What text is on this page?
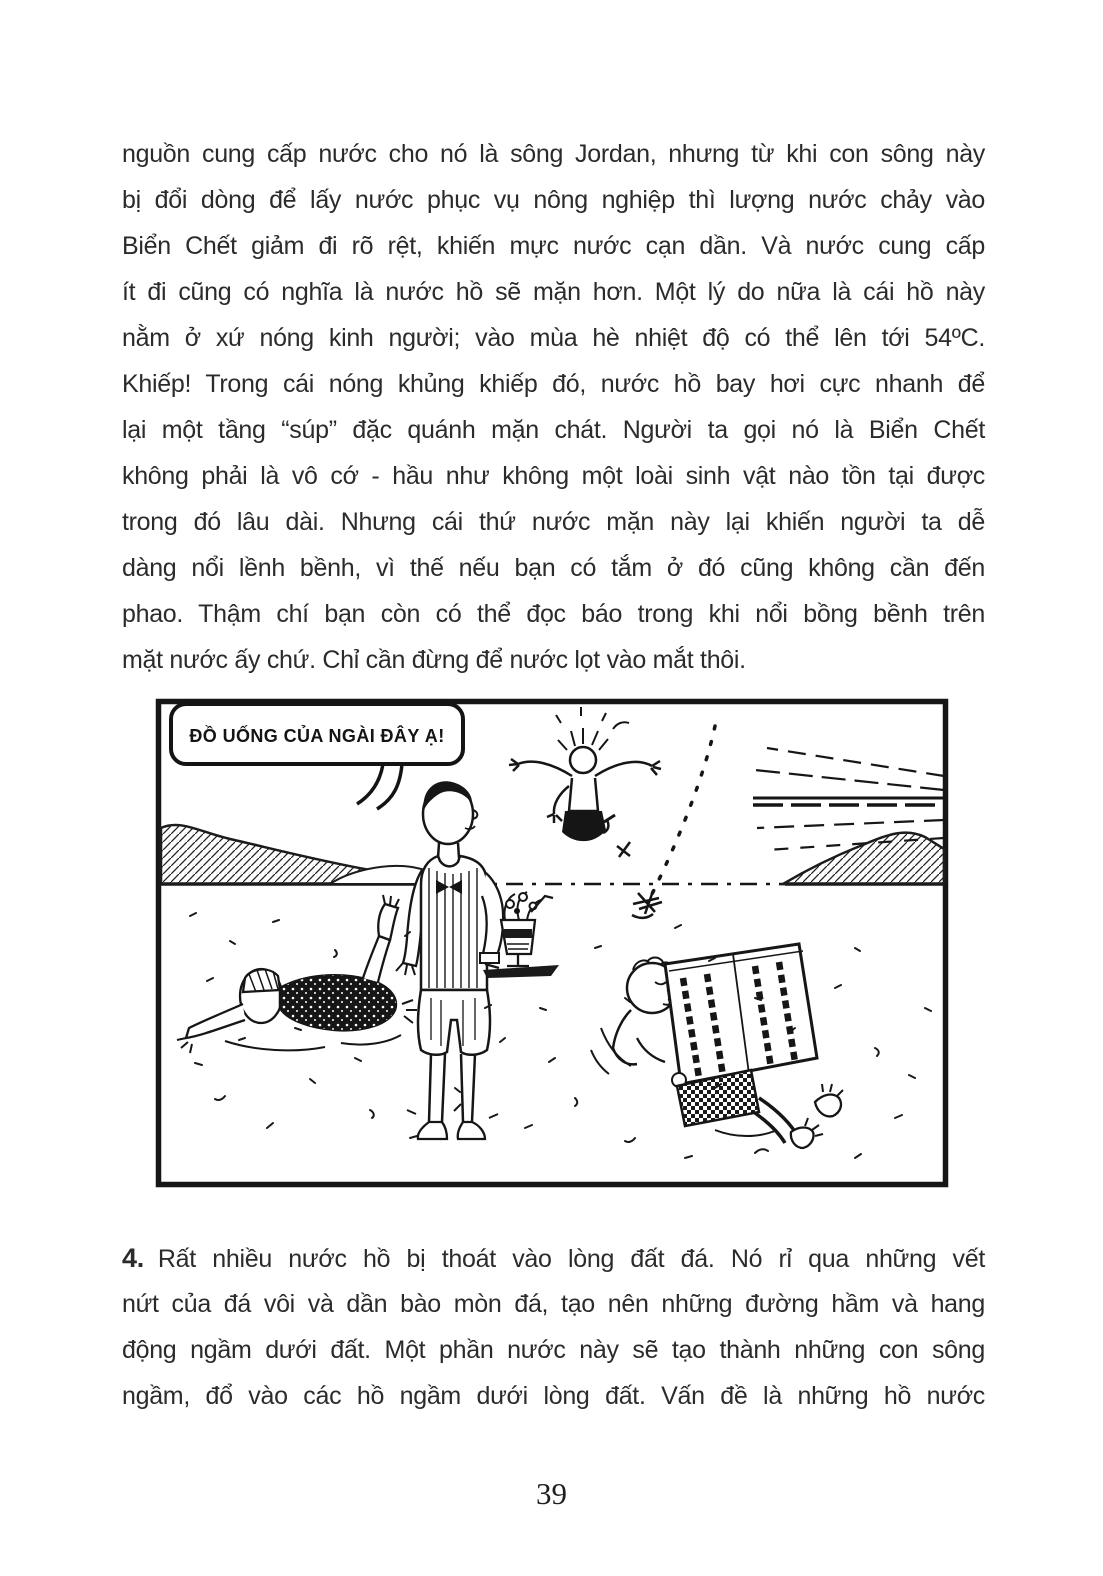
nguồn cung cấp nước cho nó là sông Jordan, nhưng từ khi con sông này
bị đổi dòng để lấy nước phục vụ nông nghiệp thì lượng nước chảy vào
Biển Chết giảm đi rõ rệt, khiến mực nước cạn dần. Và nước cung cấp
ít đi cũng có nghĩa là nước hồ sẽ mặn hơn. Một lý do nữa là cái hồ này
nằm ở xứ nóng kinh người; vào mùa hè nhiệt độ có thể lên tới 54ºC.
Khiếp! Trong cái nóng khủng khiếp đó, nước hồ bay hơi cực nhanh để
lại một tầng “súp” đặc quánh mặn chát. Người ta gọi nó là Biển Chết
không phải là vô cớ - hầu như không một loài sinh vật nào tồn tại được
trong đó lâu dài. Nhưng cái thứ nước mặn này lại khiến người ta dễ
dàng nổi lềnh bềnh, vì thế nếu bạn có tắm ở đó cũng không cần đến
phao. Thậm chí bạn còn có thể đọc báo trong khi nổi bồng bềnh trên
mặt nước ấy chứ. Chỉ cần đừng để nước lọt vào mắt thôi.
ĐỒ UỐNG CỦA NGÀI ĐÂY Ạ!
4. Rất nhiều nước hồ bị thoát vào lòng đất đá. Nó rỉ qua những vết
nứt của đá vôi và dần bào mòn đá, tạo nên những đường hầm và hang
động ngầm dưới đất. Một phần nước này sẽ tạo thành những con sông
ngầm, đổ vào các hồ ngầm dưới lòng đất. Vấn đề là những hồ nước
39
